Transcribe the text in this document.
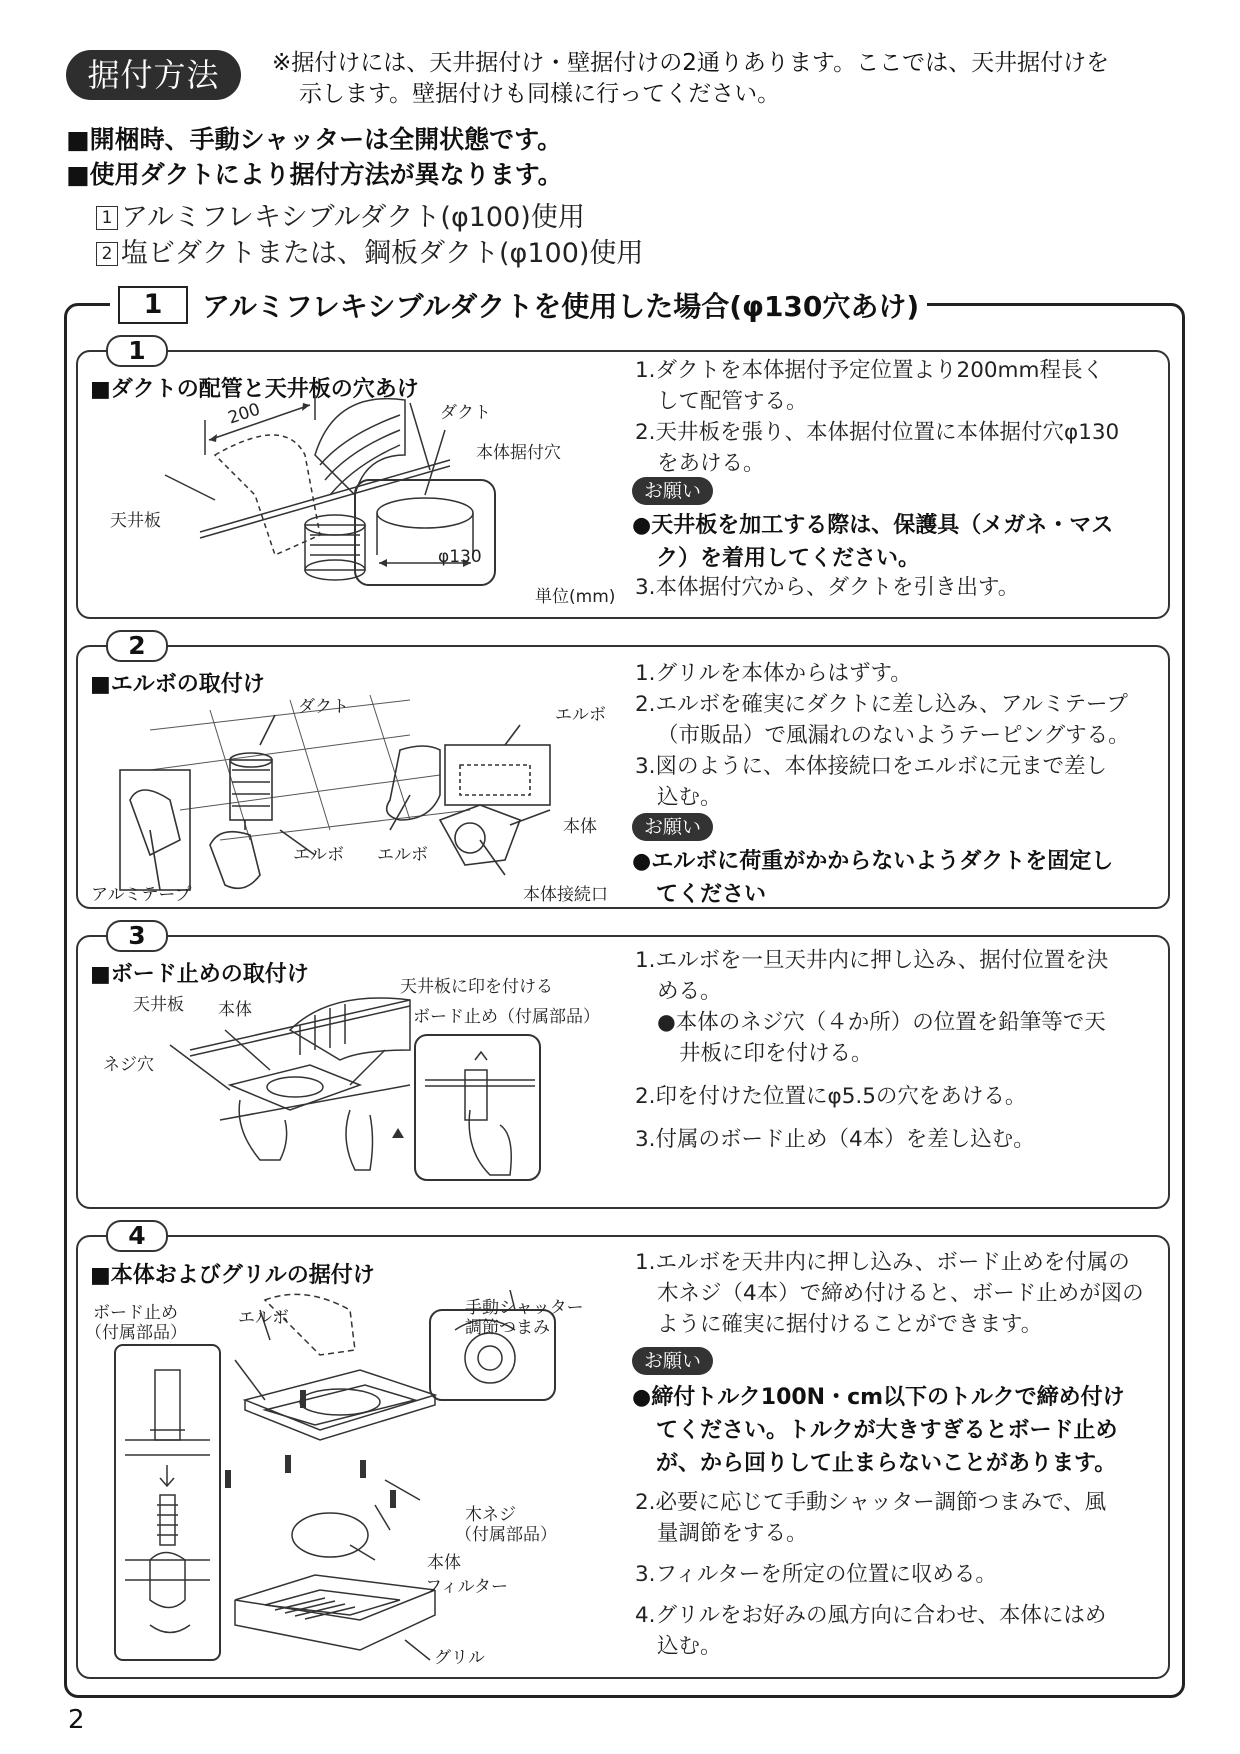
据付方法	※据付けには、天井据付け・壁据付けの2通りあります。ここでは、天井据付けを
示します。壁据付けも同様に行ってください。
■開梱時、手動シャッターは全開状態です。
■使用ダクトにより据付方法が異なります。
1 アルミフレキシブルダクト(φ100)使用
2 塩ビダクトまたは、鋼板ダクト(φ100)使用
1	アルミフレキシブルダクトを使用した場合(φ130穴あけ)
1
■ダクトの配管と天井板の穴あけ
200	ダクト
本体据付穴
天井板
φ130
単位(mm)
1.ダクトを本体据付予定位置より200mm程長く
して配管する。
2.天井板を張り、本体据付位置に本体据付穴φ130
をあける。
お願い
●天井板を加工する際は、保護具（メガネ・マス
ク）を着用してください。
3.本体据付穴から、ダクトを引き出す。
2
■エルボの取付け
ダクト	エルボ
本体
エルボ エルボ
アルミテープ	本体接続口
1.グリルを本体からはずす。
2.エルボを確実にダクトに差し込み、アルミテープ
（市販品）で風漏れのないようテーピングする。
3.図のように、本体接続口をエルボに元まで差し
込む。
お願い
●エルボに荷重がかからないようダクトを固定し
てください
3
■ボード止めの取付け
天井板 本体
天井板に印を付ける
ボード止め（付属部品）
ネジ穴
1.エルボを一旦天井内に押し込み、据付位置を決
める。
●本体のネジ穴（４か所）の位置を鉛筆等で天
井板に印を付ける。
2.印を付けた位置にφ5.5の穴をあける。
3.付属のボード止め（4本）を差し込む。
4
■本体およびグリルの据付け
ボード止め
（付属部品）
エルボ	手動シャッター
調節つまみ
木ネジ
（付属部品）
本体
フィルター
グリル
1.エルボを天井内に押し込み、ボード止めを付属の
木ネジ（4本）で締め付けると、ボード止めが図の
ように確実に据付けることができます。
お願い
●締付トルク100N・cm以下のトルクで締め付け
てください。トルクが大きすぎるとボード止め
が、から回りして止まらないことがあります。
2.必要に応じて手動シャッター調節つまみで、風
量調節をする。
3.フィルターを所定の位置に収める。
4.グリルをお好みの風方向に合わせ、本体にはめ
込む。
2
